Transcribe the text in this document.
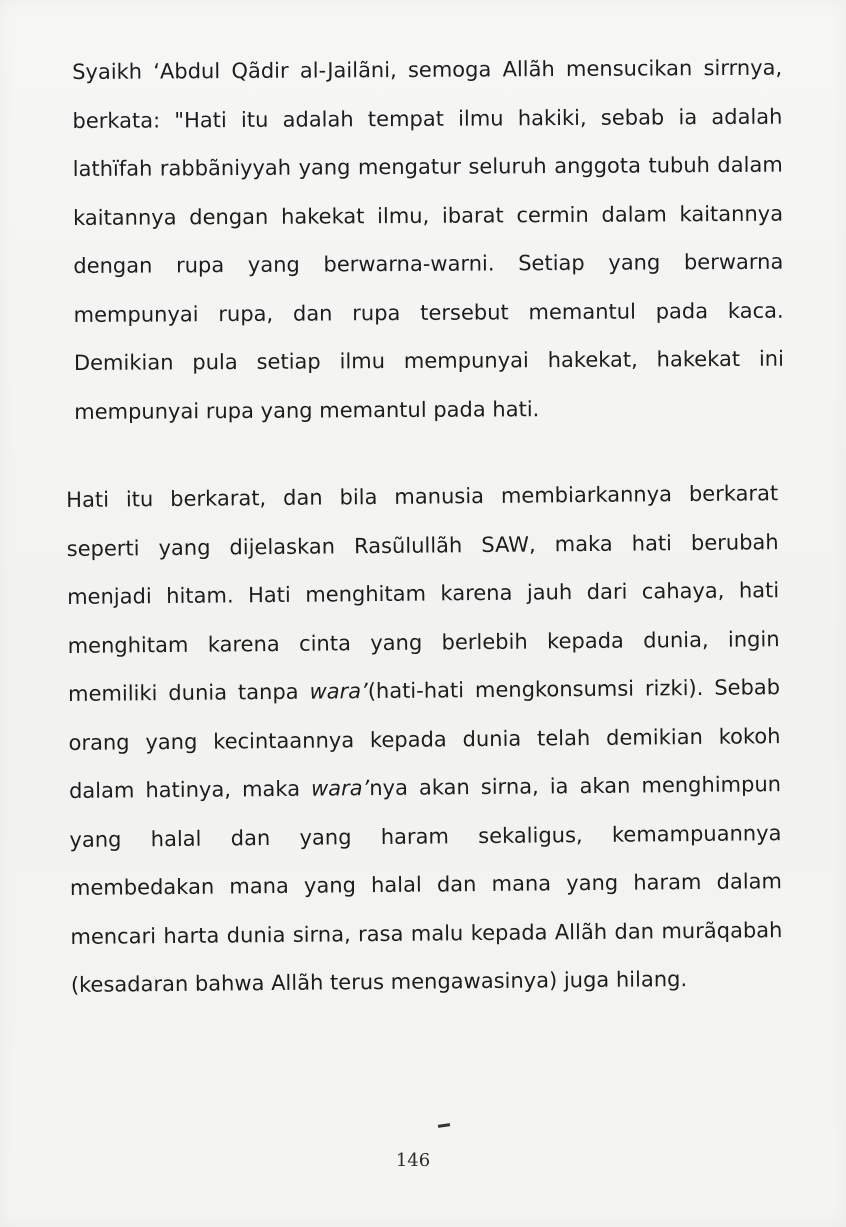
Syaikh ‘Abdul Qãdir al-Jailãni, semoga Allãh mensucikan sirrnya, berkata: "Hati itu adalah tempat ilmu hakiki, sebab ia adalah lathïfah rabbãniyyah yang mengatur seluruh anggota tubuh dalam kaitannya dengan hakekat ilmu, ibarat cermin dalam kaitannya dengan rupa yang berwarna-warni. Setiap yang berwarna mempunyai rupa, dan rupa tersebut memantul pada kaca. Demikian pula setiap ilmu mempunyai hakekat, hakekat ini mempunyai rupa yang memantul pada hati.

Hati itu berkarat, dan bila manusia membiarkannya berkarat seperti yang dijelaskan Rasũlullãh SAW, maka hati berubah menjadi hitam. Hati menghitam karena jauh dari cahaya, hati menghitam karena cinta yang berlebih kepada dunia, ingin memiliki dunia tanpa wara’(hati-hati mengkonsumsi rizki). Sebab orang yang kecintaannya kepada dunia telah demikian kokoh dalam hatinya, maka wara’nya akan sirna, ia akan menghimpun yang halal dan yang haram sekaligus, kemampuannya membedakan mana yang halal dan mana yang haram dalam mencari harta dunia sirna, rasa malu kepada Allãh dan murãqabah (kesadaran bahwa Allãh terus mengawasinya) juga hilang.

146
